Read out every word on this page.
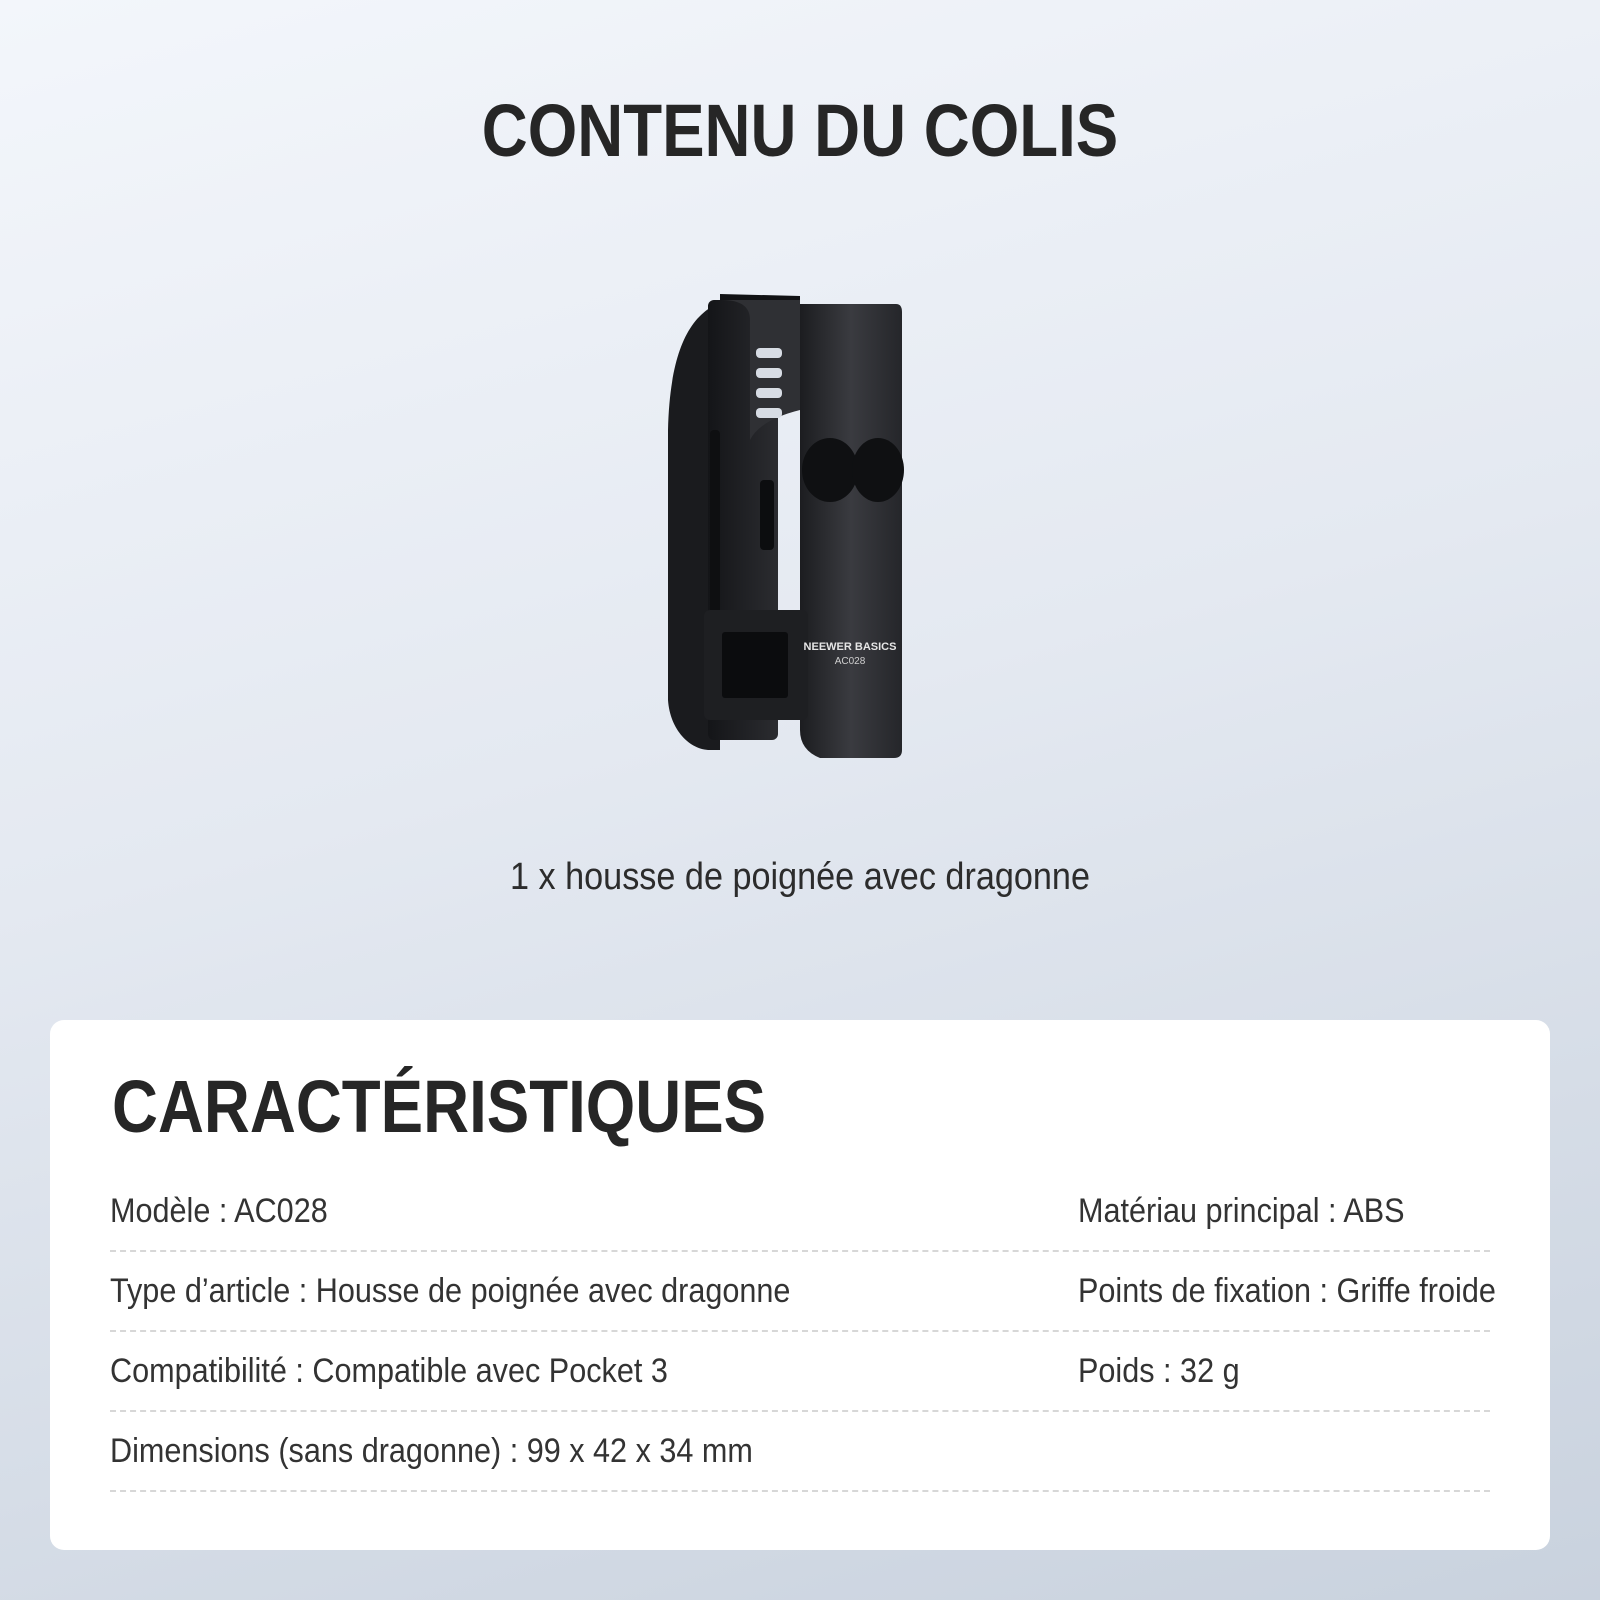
CONTENU DU COLIS
NEEWER BASICS
AC028
1 x housse de poignée avec dragonne
CARACTÉRISTIQUES
Modèle : AC028	Matériau principal : ABS
Type d’article : Housse de poignée avec dragonne	Points de fixation : Griffe froide
Compatibilité : Compatible avec Pocket 3	Poids : 32 g
Dimensions (sans dragonne) : 99 x 42 x 34 mm
